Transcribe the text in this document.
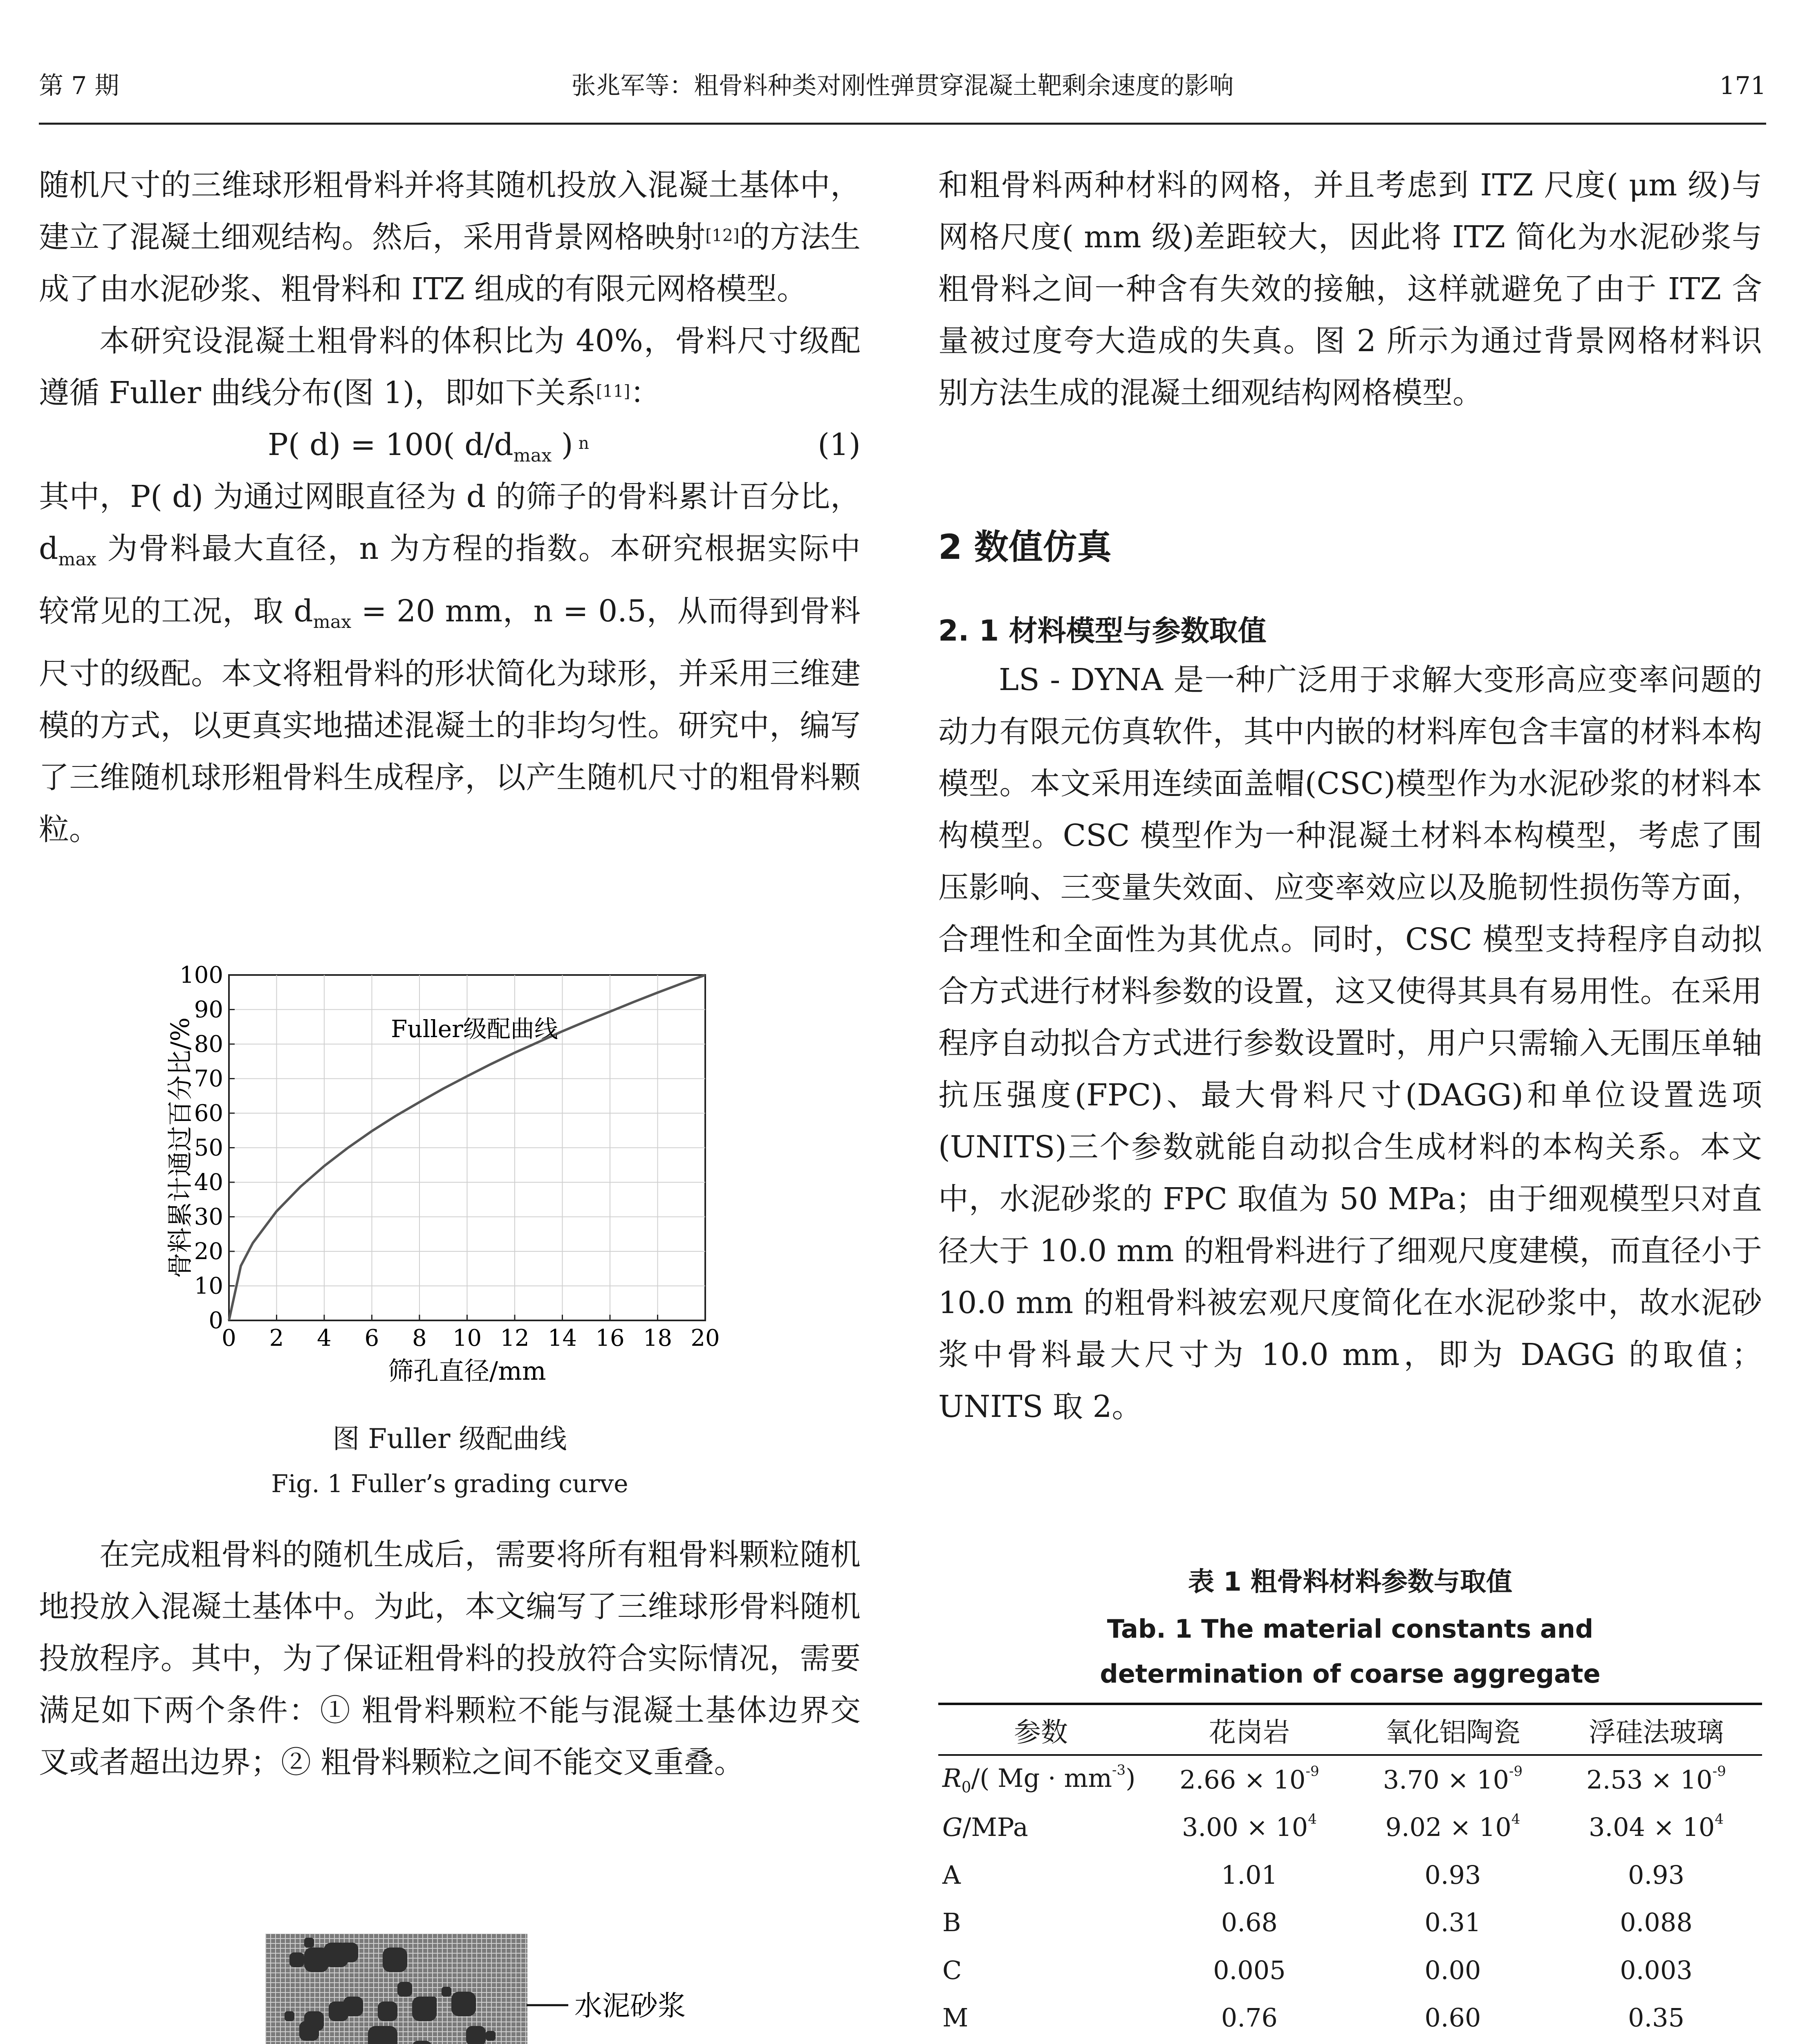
第 7 期	张兆军等：粗骨料种类对刚性弹贯穿混凝土靶剩余速度的影响	171

随机尺寸的三维球形粗骨料并将其随机投放入混凝土基体中，建立了混凝土细观结构。然后，采用背景网格映射[12]的方法生成了由水泥砂浆、粗骨料和 ITZ 组成的有限元网格模型。

本研究设混凝土粗骨料的体积比为 40%，骨料尺寸级配遵循 Fuller 曲线分布(图 1)，即如下关系[11]：

P( d) = 100( $d/d_{max}$ ) $^n$	(1)

其中，P( d) 为通过网眼直径为 d 的筛子的骨料累计百分比，$d_{max}$ 为骨料最大直径，n 为方程的指数。本研究根据实际中较常见的工况，取 $d_{max} = 20$ mm，n = 0.5，从而得到骨料尺寸的级配。本文将粗骨料的形状简化为球形，并采用三维建模的方式，以更真实地描述混凝土的非均匀性。研究中，编写了三维随机球形粗骨料生成程序，以产生随机尺寸的粗骨料颗粒。

0 2 4 6 8 10 12 14 16 18 20
0
10
20
30
40
50
60
70
80
90
100
Fuller级配曲线
筛孔直径/mm
骨料累计通过百分比/%
图 Fuller 级配曲线
Fig. 1 Fuller’s grading curve

在完成粗骨料的随机生成后，需要将所有粗骨料颗粒随机地投放入混凝土基体中。为此，本文编写了三维球形骨料随机投放程序。其中，为了保证粗骨料的投放符合实际情况，需要满足如下两个条件：① 粗骨料颗粒不能与混凝土基体边界交叉或者超出边界；② 粗骨料颗粒之间不能交叉重叠。

水泥砂浆

和粗骨料两种材料的网格，并且考虑到 ITZ 尺度( μm 级)与网格尺度( mm 级)差距较大，因此将 ITZ 简化为水泥砂浆与粗骨料之间一种含有失效的接触，这样就避免了由于 ITZ 含量被过度夸大造成的失真。图 2 所示为通过背景网格材料识别方法生成的混凝土细观结构网格模型。

2 数值仿真
2. 1 材料模型与参数取值

LS - DYNA 是一种广泛用于求解大变形高应变率问题的动力有限元仿真软件，其中内嵌的材料库包含丰富的材料本构模型。本文采用连续面盖帽(CSC)模型作为水泥砂浆的材料本构模型。CSC 模型作为一种混凝土材料本构模型，考虑了围压影响、三变量失效面、应变率效应以及脆韧性损伤等方面，合理性和全面性为其优点。同时，CSC 模型支持程序自动拟合方式进行材料参数的设置，这又使得其具有易用性。在采用程序自动拟合方式进行参数设置时，用户只需输入无围压单轴抗压强度(FPC)、最大骨料尺寸(DAGG)和单位设置选项(UNITS)三个参数就能自动拟合生成材料的本构关系。本文中，水泥砂浆的 FPC 取值为 50 MPa；由于细观模型只对直径大于 10.0 mm 的粗骨料进行了细观尺度建模，而直径小于 10.0 mm 的粗骨料被宏观尺度简化在水泥砂浆中，故水泥砂浆中骨料最大尺寸为 10.0 mm，即为 DAGG 的取值；UNITS 取 2。

表 1 粗骨料材料参数与取值
Tab. 1 The material constants and
determination of coarse aggregate
参数	花岗岩	氧化铝陶瓷	浮硅法玻璃
$R_0/$( $Mg \cdot mm^{-3}$)	$2.66 \times 10^{-9}$	$3.70 \times 10^{-9}$	$2.53 \times 10^{-9}$
G/MPa	$3.00 \times 10^4$	$9.02 \times 10^4$	$3.04 \times 10^4$
A	1.01	0.93	0.93
B	0.68	0.31	0.088
C	0.005	0.00	0.003
M	0.76	0.60	0.35
